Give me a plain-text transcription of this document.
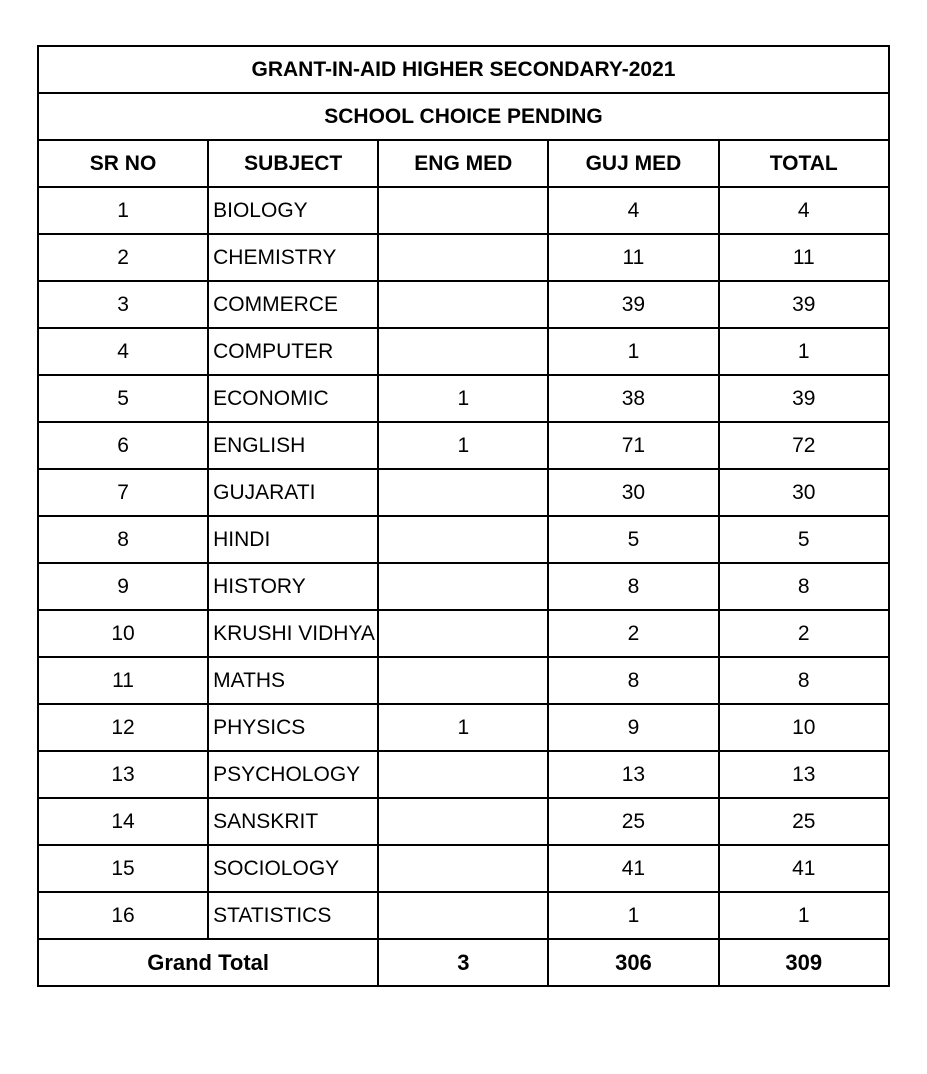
GRANT-IN-AID HIGHER SECONDARY-2021				
SCHOOL CHOICE PENDING				
SR NO	SUBJECT	ENG MED	GUJ MED	TOTAL
1	BIOLOGY		4	4
2	CHEMISTRY		11	11
3	COMMERCE		39	39
4	COMPUTER		1	1
5	ECONOMIC	1	38	39
6	ENGLISH	1	71	72
7	GUJARATI		30	30
8	HINDI		5	5
9	HISTORY		8	8
10	KRUSHI VIDHYA		2	2
11	MATHS		8	8
12	PHYSICS	1	9	10
13	PSYCHOLOGY		13	13
14	SANSKRIT		25	25
15	SOCIOLOGY		41	41
16	STATISTICS		1	1
Grand Total		3	306	309
